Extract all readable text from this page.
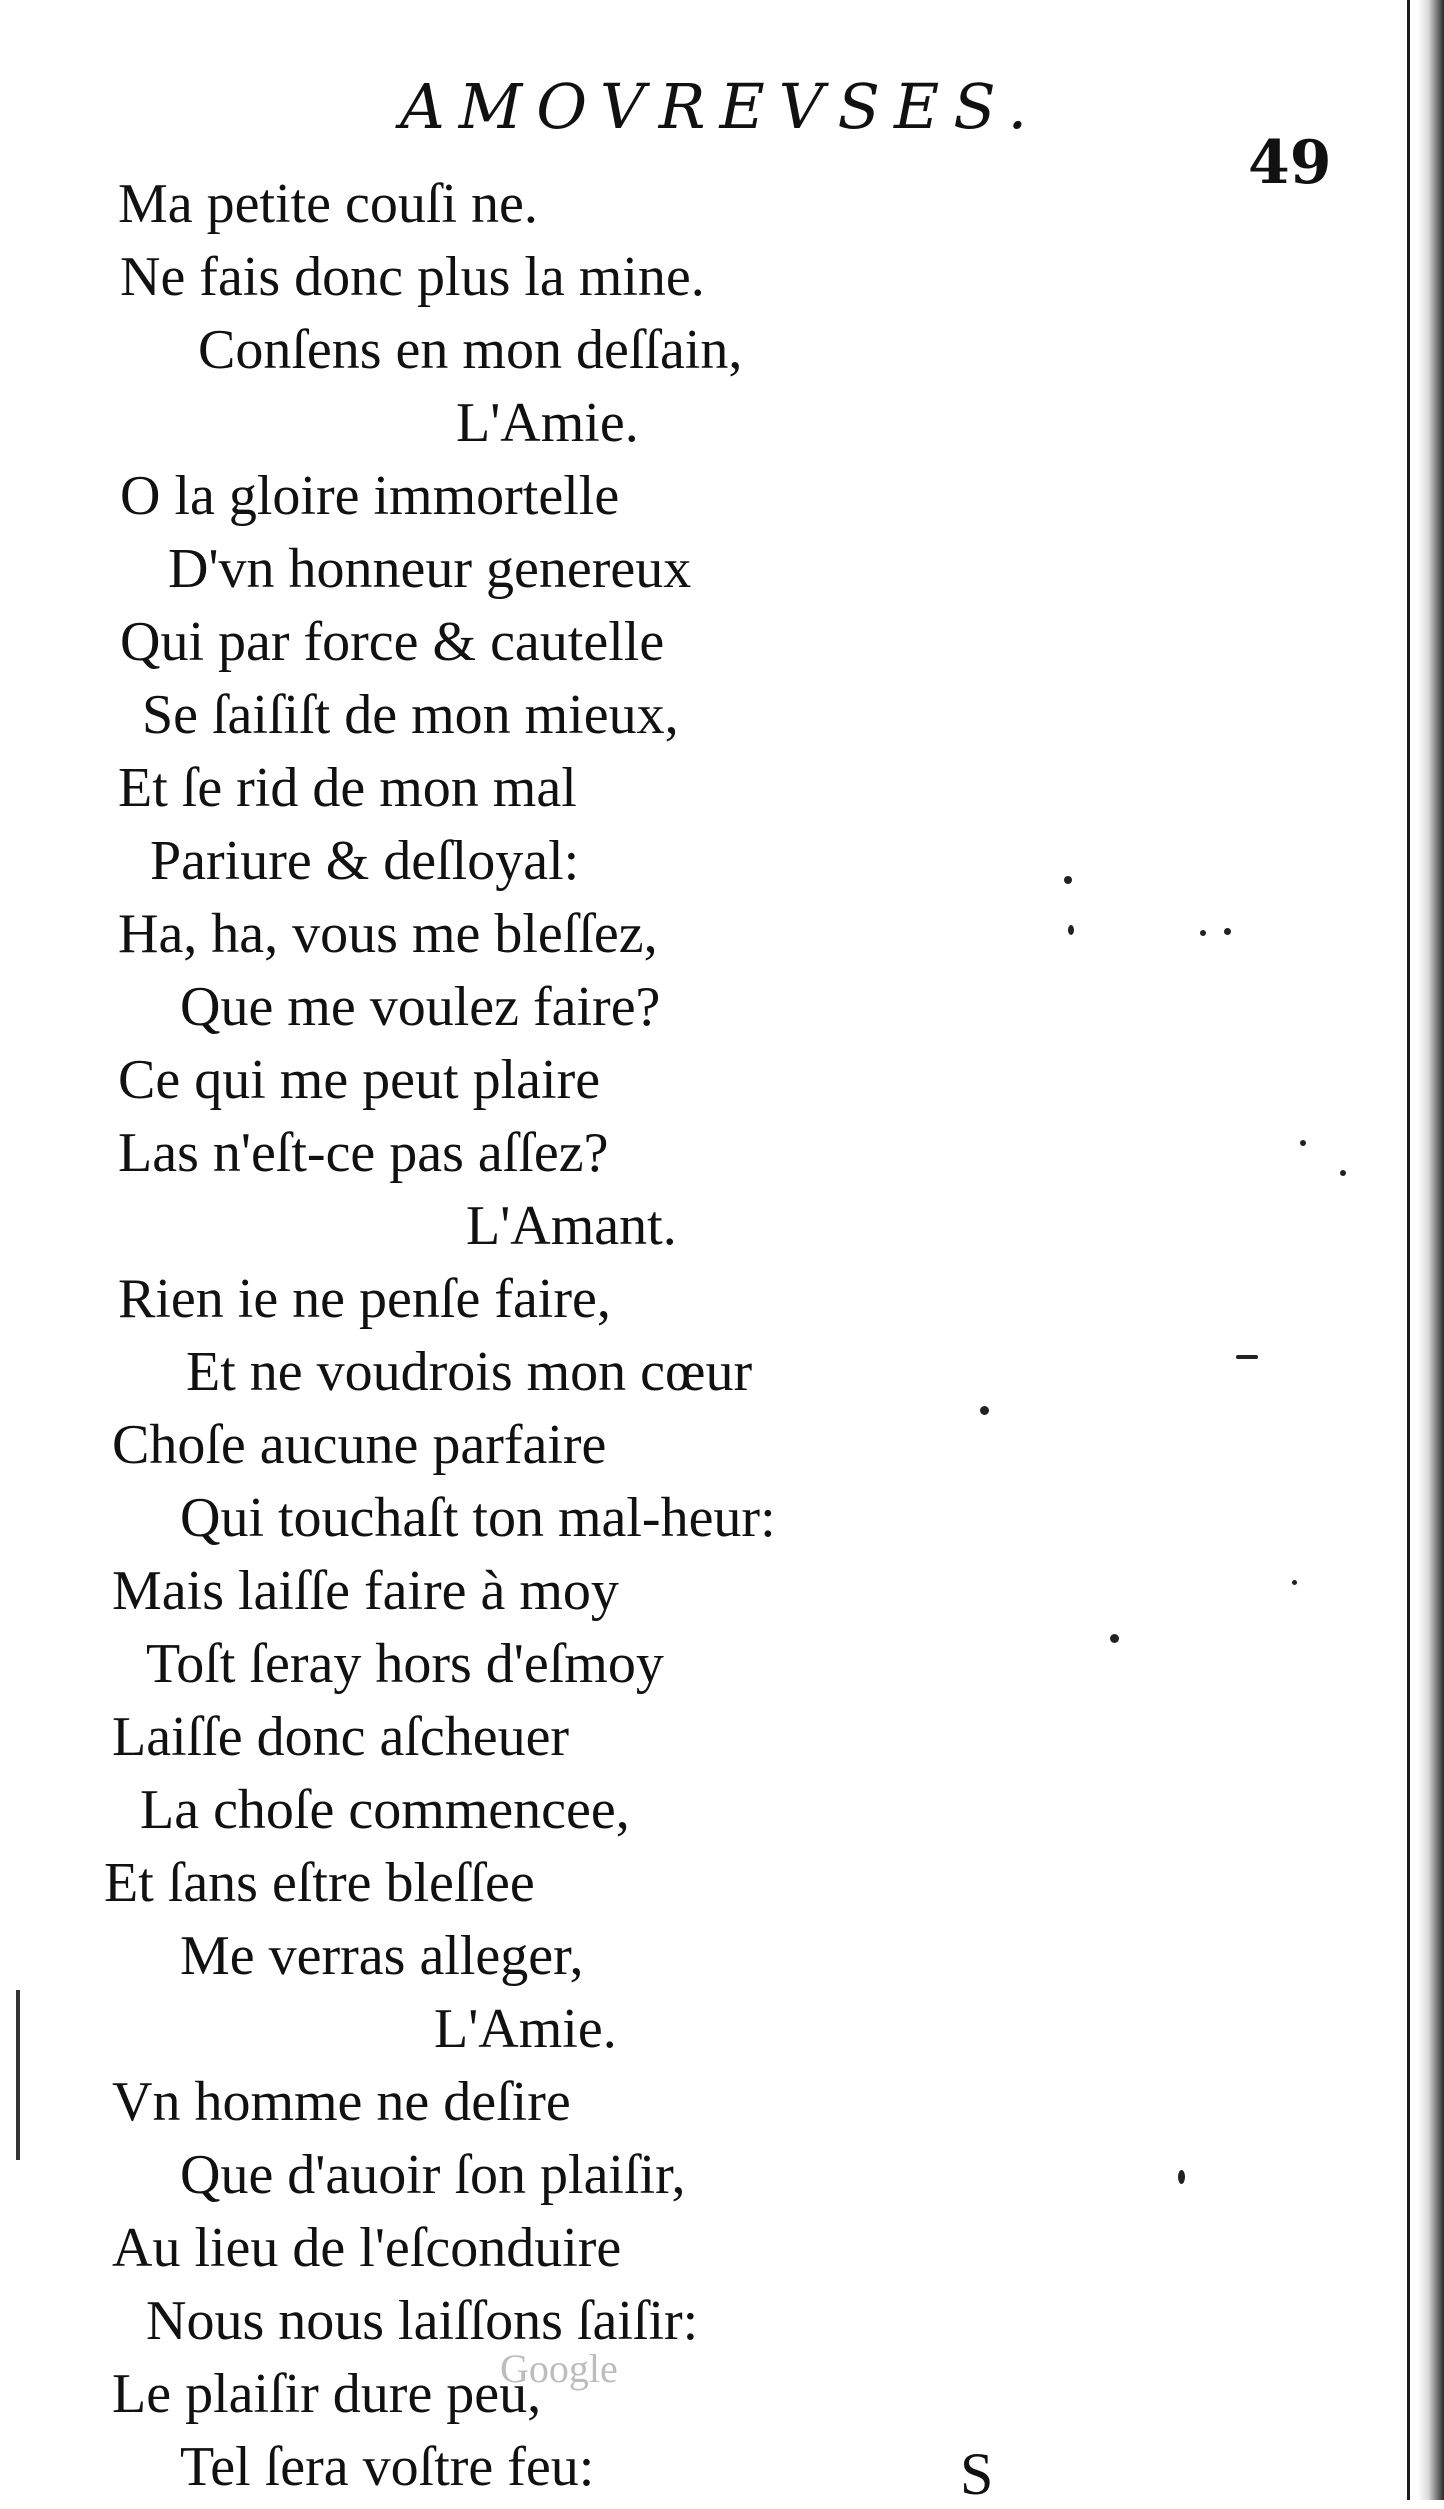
AMOVREVSES.
49
Ma petite couſi ne.
Ne fais donc plus la mine.
Conſens en mon deſſain,
L'Amie.
O la gloire immortelle
D'vn honneur genereux
Qui par force & cautelle
Se ſaiſiſt de mon mieux,
Et ſe rid de mon mal
Pariure & deſloyal:
Ha, ha, vous me bleſſez,
Que me voulez faire?
Ce qui me peut plaire
Las n'eſt-ce pas aſſez?
L'Amant.
Rien ie ne penſe faire,
Et ne voudrois mon cœur
Choſe aucune parfaire
Qui touchaſt ton mal-heur:
Mais laiſſe faire à moy
Toſt ſeray hors d'eſmoy
Laiſſe donc aſcheuer
La choſe commencee,
Et ſans eſtre bleſſee
Me verras alleger,
L'Amie.
Vn homme ne deſire
Que d'auoir ſon plaiſir,
Au lieu de l'eſconduire
Nous nous laiſſons ſaiſir:
Le plaiſir dure peu,
Tel ſera voſtre feu:
Google
S
